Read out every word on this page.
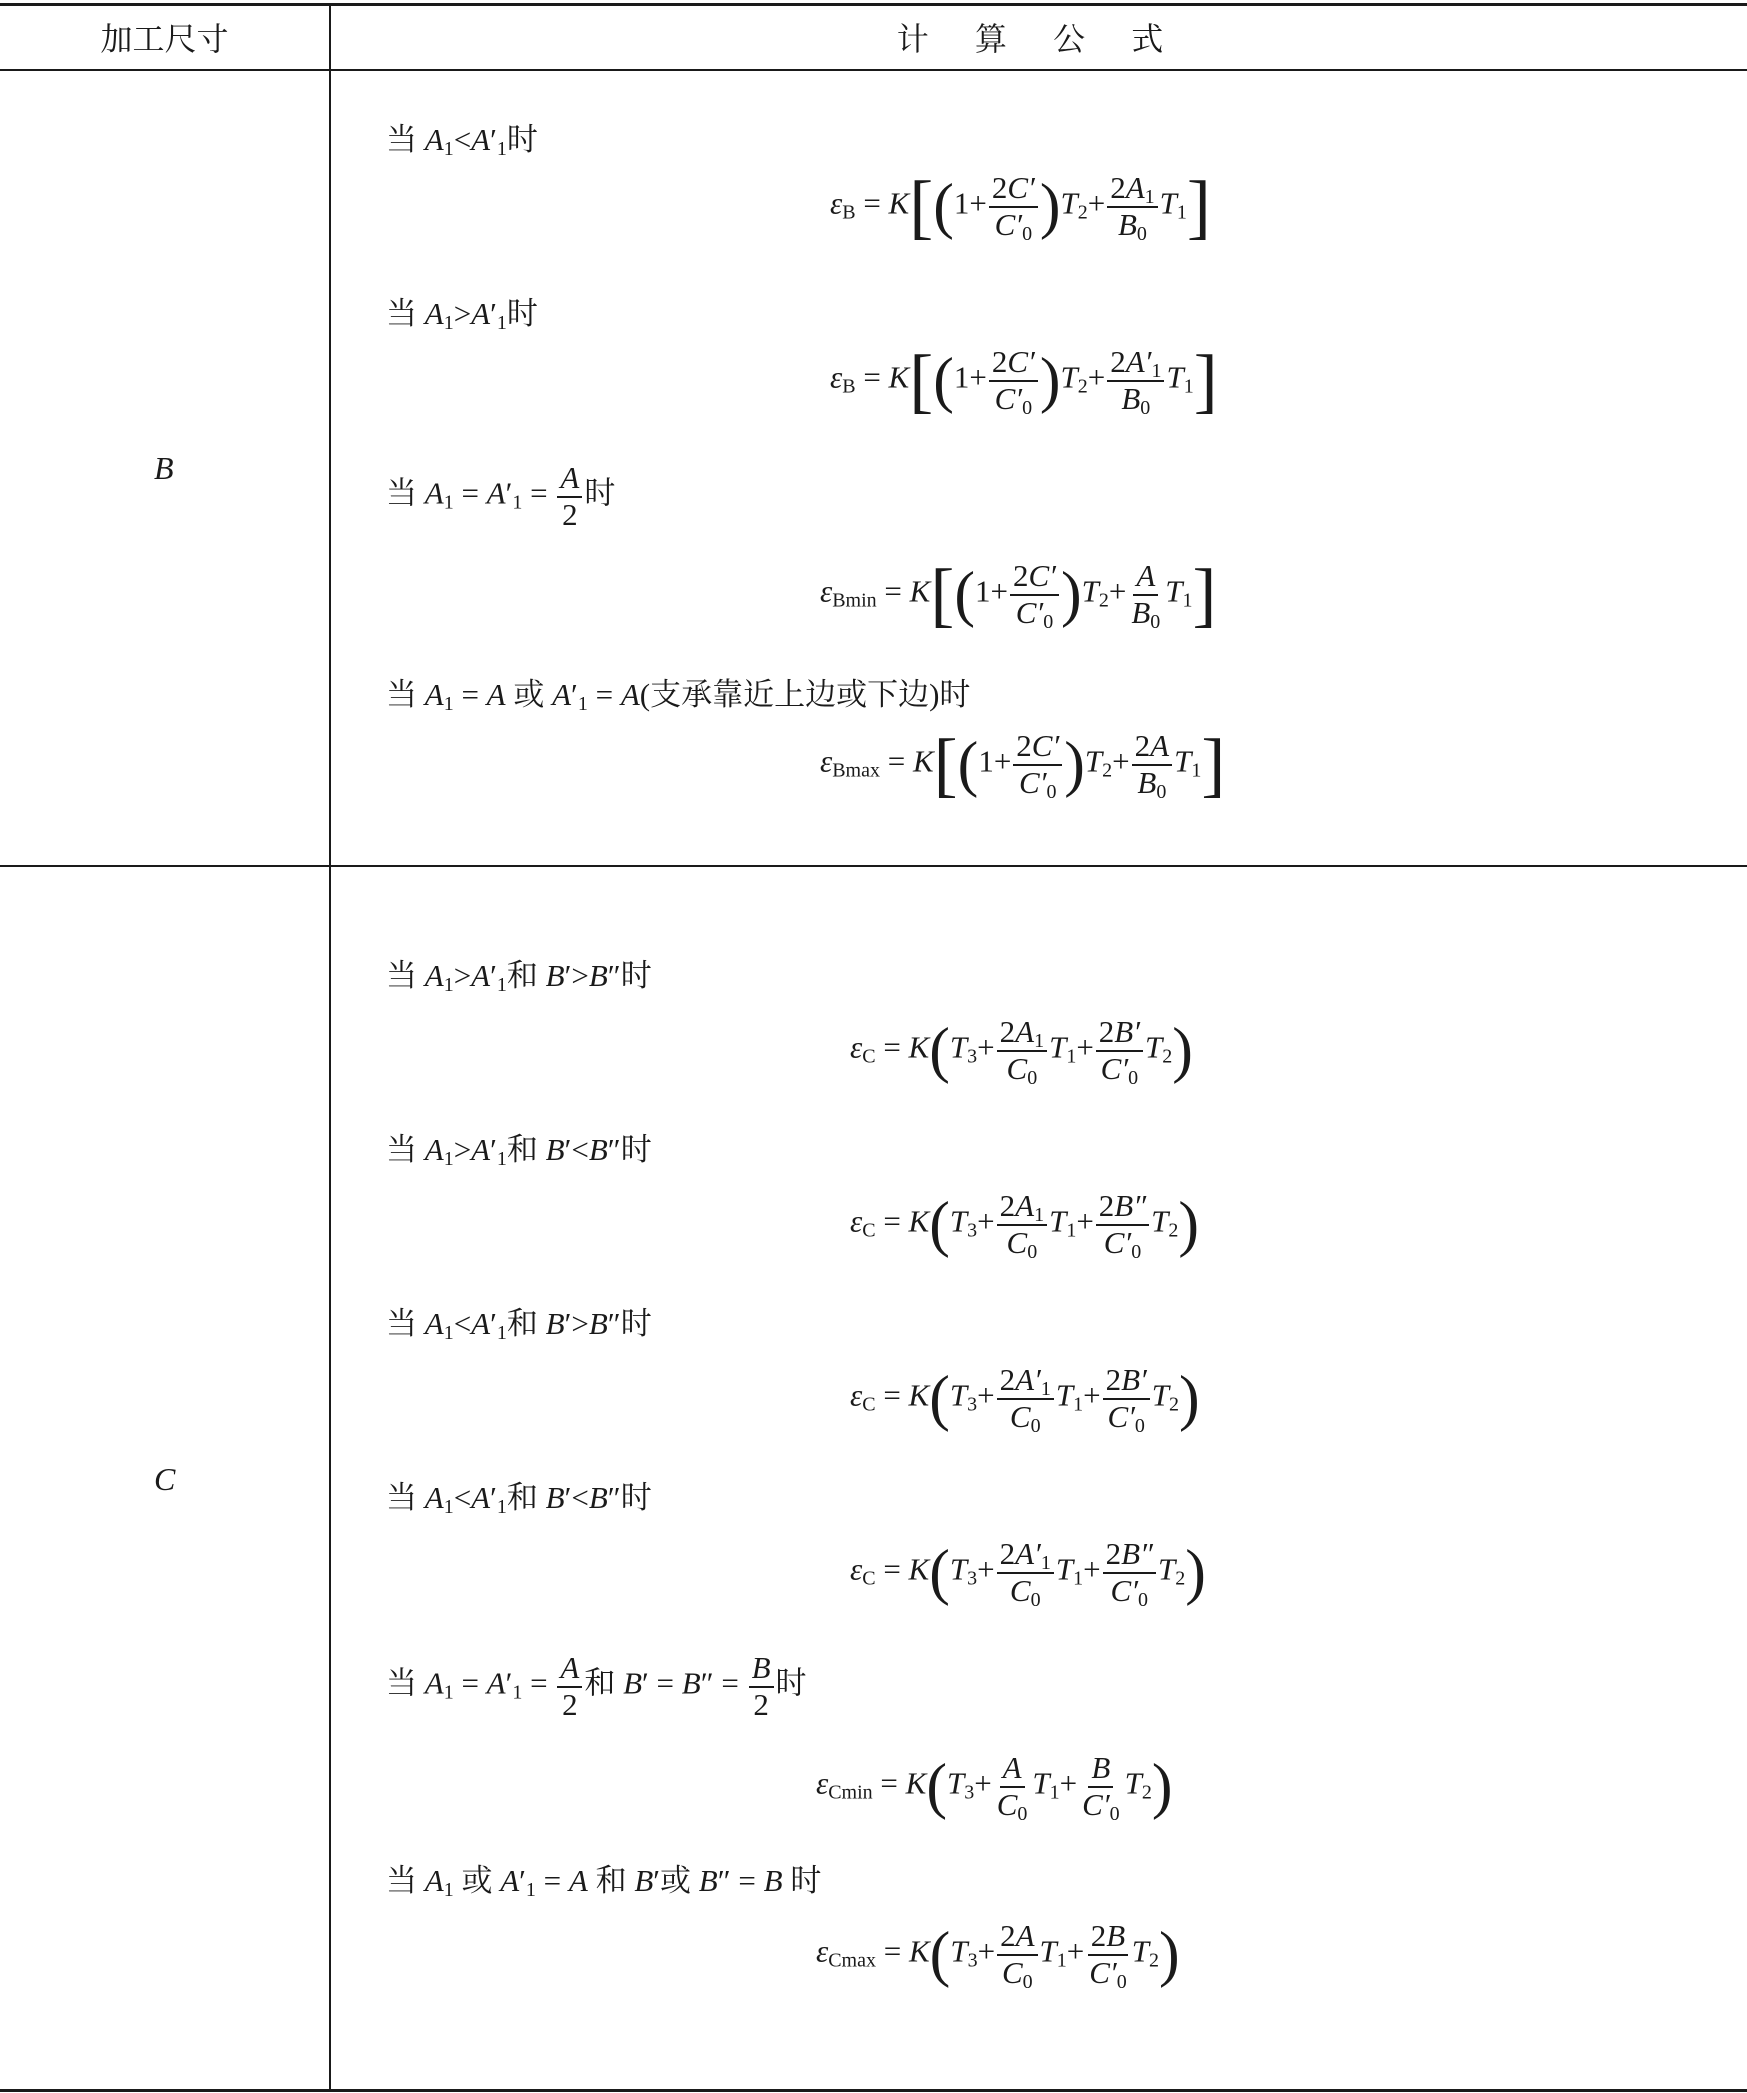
加工尺寸	计 算 公 式
B
C
当 $A_1<A'_1$时
$\varepsilon_B = K[(1+ \frac{2C'}{C'_0} )T_2+ \frac{2A_1}{B_0} T_1]$
当 $A_1>A'_1$时
$\varepsilon_B = K[(1+ \frac{2C'}{C'_0} )T_2+ \frac{2A'_1}{B_0} T_1]$
当 $A_1 = A'_1 = \frac{A}{2}$ 时
$\varepsilon_{Bmin} = K[(1+ \frac{2C'}{C'_0} )T_2+ \frac{A}{B_0} T_1]$
当 $A_1 = A$ 或 $A'_1 = A$(支承靠近上边或下边)时
$\varepsilon_{Bmax} = K[(1+ \frac{2C'}{C'_0} )T_2+ \frac{2A}{B_0} T_1]$
当 $A_1>A'_1$和 B′>B″时
$\varepsilon_C = K(T_3+ \frac{2A_1}{C_0} T_1+ \frac{2B'}{C'_0} T_2)$
当 $A_1>A'_1$和 B′<B″时
$\varepsilon_C = K(T_3+ \frac{2A_1}{C_0} T_1+ \frac{2B''}{C'_0} T_2)$
当 $A_1<A'_1$和 B′>B″时
$\varepsilon_C = K(T_3+ \frac{2A'_1}{C_0} T_1+ \frac{2B'}{C'_0} T_2)$
当 $A_1<A'_1$和 B′<B″时
$\varepsilon_C = K(T_3+ \frac{2A'_1}{C_0} T_1+ \frac{2B''}{C'_0} T_2)$
当 $A_1 = A'_1 = \frac{A}{2}$ 和 $B' = B'' = \frac{B}{2}$ 时
$\varepsilon_{Cmin} = K(T_3+ \frac{A}{C_0} T_1+ \frac{B}{C'_0} T_2)$
当 $A_1$ 或 $A'_1 = A$ 和 B′或 B″ = B 时
$\varepsilon_{Cmax} = K(T_3+ \frac{2A}{C_0} T_1+ \frac{2B}{C'_0} T_2)$
